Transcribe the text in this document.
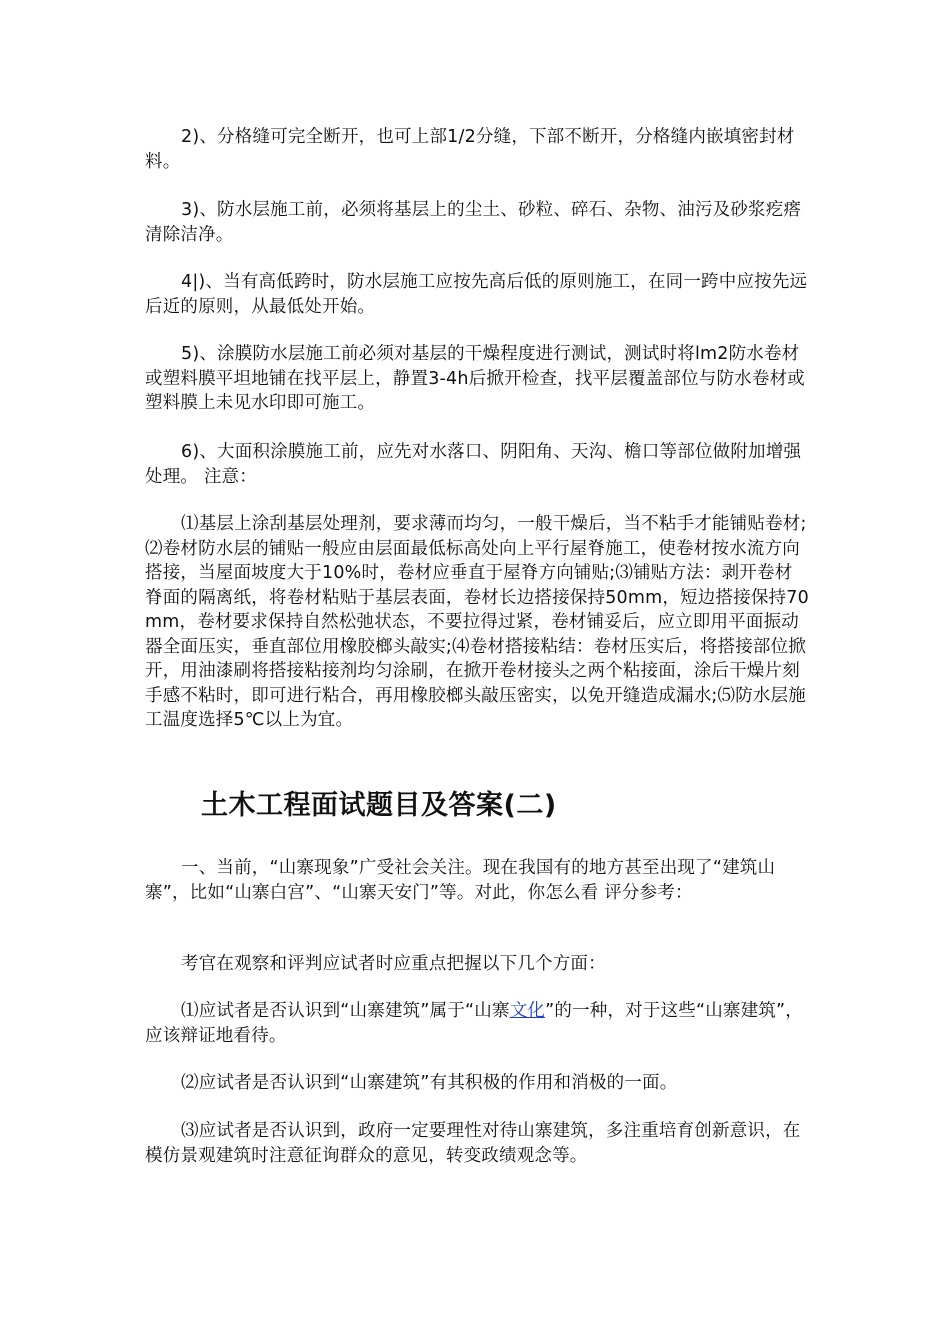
2)、分格缝可完全断开，也可上部1/2分缝，下部不断开，分格缝内嵌填密封材料。

3)、防水层施工前，必须将基层上的尘土、砂粒、碎石、杂物、油污及砂浆疙瘩清除洁净。

4|)、当有高低跨时，防水层施工应按先高后低的原则施工，在同一跨中应按先远后近的原则，从最低处开始。

5)、涂膜防水层施工前必须对基层的干燥程度进行测试，测试时将lm2防水卷材或塑料膜平坦地铺在找平层上，静置3-4h后掀开检查，找平层覆盖部位与防水卷材或塑料膜上未见水印即可施工。

6)、大面积涂膜施工前，应先对水落口、阴阳角、天沟、檐口等部位做附加增强处理。 注意：

⑴基层上涂刮基层处理剂，要求薄而均匀，一般干燥后，当不粘手才能铺贴卷材;⑵卷材防水层的铺贴一般应由层面最低标高处向上平行屋脊施工，使卷材按水流方向搭接，当屋面坡度大于10%时，卷材应垂直于屋脊方向铺贴;⑶铺贴方法：剥开卷材脊面的隔离纸，将卷材粘贴于基层表面，卷材长边搭接保持50mm，短边搭接保持70mm，卷材要求保持自然松弛状态，不要拉得过紧，卷材铺妥后，应立即用平面振动器全面压实，垂直部位用橡胶榔头敲实;⑷卷材搭接粘结：卷材压实后，将搭接部位掀开，用油漆刷将搭接粘接剂均匀涂刷，在掀开卷材接头之两个粘接面，涂后干燥片刻手感不粘时，即可进行粘合，再用橡胶榔头敲压密实，以免开缝造成漏水;⑸防水层施工温度选择5℃以上为宜。

土木工程面试题目及答案(二)

一、当前，“山寨现象”广受社会关注。现在我国有的地方甚至出现了“建筑山寨”，比如“山寨白宫”、“山寨天安门”等。对此，你怎么看 评分参考：

考官在观察和评判应试者时应重点把握以下几个方面：

⑴应试者是否认识到“山寨建筑”属于“山寨文化”的一种，对于这些“山寨建筑”，应该辩证地看待。

⑵应试者是否认识到“山寨建筑”有其积极的作用和消极的一面。

⑶应试者是否认识到，政府一定要理性对待山寨建筑，多注重培育创新意识，在模仿景观建筑时注意征询群众的意见，转变政绩观念等。
